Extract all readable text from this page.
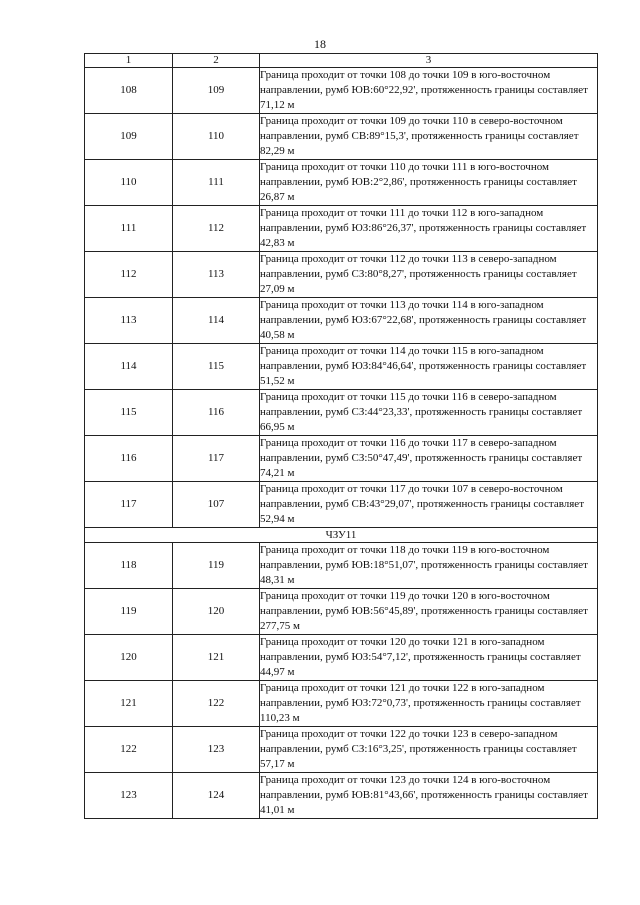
18
1	2	3
108	109	Граница проходит от точки 108 до точки 109 в юго-восточном направлении, румб ЮВ:60°22,92', протяженность границы составляет 71,12 м
109	110	Граница проходит от точки 109 до точки 110 в северо-восточном направлении, румб СВ:89°15,3', протяженность границы составляет 82,29 м
110	111	Граница проходит от точки 110 до точки 111 в юго-восточном направлении, румб ЮВ:2°2,86', протяженность границы составляет 26,87 м
111	112	Граница проходит от точки 111 до точки 112 в юго-западном направлении, румб ЮЗ:86°26,37', протяженность границы составляет 42,83 м
112	113	Граница проходит от точки 112 до точки 113 в северо-западном направлении, румб СЗ:80°8,27', протяженность границы составляет 27,09 м
113	114	Граница проходит от точки 113 до точки 114 в юго-западном направлении, румб ЮЗ:67°22,68', протяженность границы составляет 40,58 м
114	115	Граница проходит от точки 114 до точки 115 в юго-западном направлении, румб ЮЗ:84°46,64', протяженность границы составляет 51,52 м
115	116	Граница проходит от точки 115 до точки 116 в северо-западном направлении, румб СЗ:44°23,33', протяженность границы составляет 66,95 м
116	117	Граница проходит от точки 116 до точки 117 в северо-западном направлении, румб СЗ:50°47,49', протяженность границы составляет 74,21 м
117	107	Граница проходит от точки 117 до точки 107 в северо-восточном направлении, румб СВ:43°29,07', протяженность границы составляет 52,94 м
ЧЗУ11		
118	119	Граница проходит от точки 118 до точки 119 в юго-восточном направлении, румб ЮВ:18°51,07', протяженность границы составляет 48,31 м
119	120	Граница проходит от точки 119 до точки 120 в юго-восточном направлении, румб ЮВ:56°45,89', протяженность границы составляет 277,75 м
120	121	Граница проходит от точки 120 до точки 121 в юго-западном направлении, румб ЮЗ:54°7,12', протяженность границы составляет 44,97 м
121	122	Граница проходит от точки 121 до точки 122 в юго-западном направлении, румб ЮЗ:72°0,73', протяженность границы составляет 110,23 м
122	123	Граница проходит от точки 122 до точки 123 в северо-западном направлении, румб СЗ:16°3,25', протяженность границы составляет 57,17 м
123	124	Граница проходит от точки 123 до точки 124 в юго-восточном направлении, румб ЮВ:81°43,66', протяженность границы составляет 41,01 м
